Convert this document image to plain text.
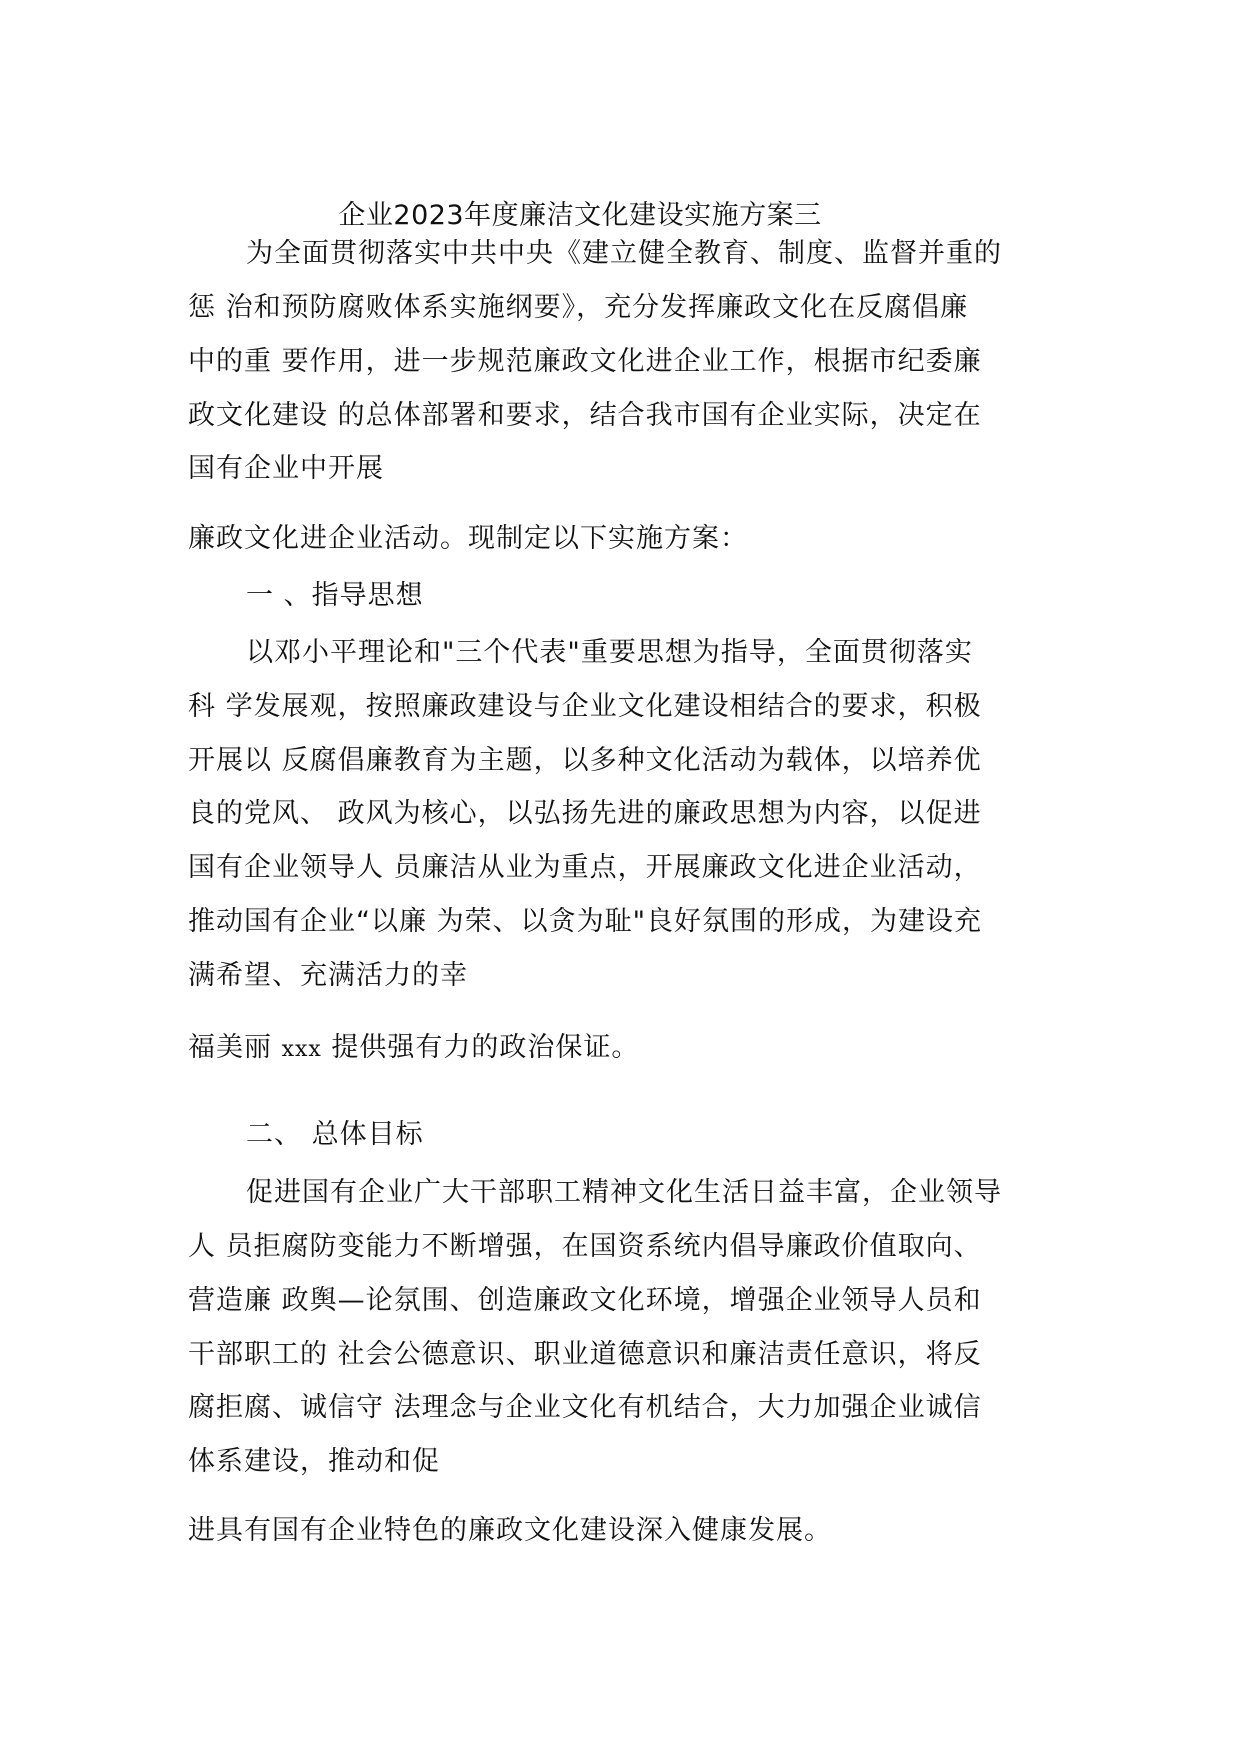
企业2023年度廉洁文化建设实施方案三
为全面贯彻落实中共中央《建立健全教育、制度、监督并重的
惩 治和预防腐败体系实施纲要》，充分发挥廉政文化在反腐倡廉
中的重 要作用，进一步规范廉政文化进企业工作，根据市纪委廉
政文化建设 的总体部署和要求，结合我市国有企业实际，决定在
国有企业中开展
廉政文化进企业活动。现制定以下实施方案：
一 、指导思想
以邓小平理论和"三个代表"重要思想为指导，全面贯彻落实
科 学发展观，按照廉政建设与企业文化建设相结合的要求，积极
开展以 反腐倡廉教育为主题，以多种文化活动为载体，以培养优
良的党风、 政风为核心，以弘扬先进的廉政思想为内容，以促进
国有企业领导人 员廉洁从业为重点，开展廉政文化进企业活动，
推动国有企业“以廉 为荣、以贪为耻"良好氛围的形成，为建设充
满希望、充满活力的幸
福美丽 xxx 提供强有力的政治保证。
二、 总体目标
促进国有企业广大干部职工精神文化生活日益丰富，企业领导
人 员拒腐防变能力不断增强，在国资系统内倡导廉政价值取向、
营造廉 政舆—论氛围、创造廉政文化环境，增强企业领导人员和
干部职工的 社会公德意识、职业道德意识和廉洁责任意识，将反
腐拒腐、诚信守 法理念与企业文化有机结合，大力加强企业诚信
体系建设，推动和促
进具有国有企业特色的廉政文化建设深入健康发展。
